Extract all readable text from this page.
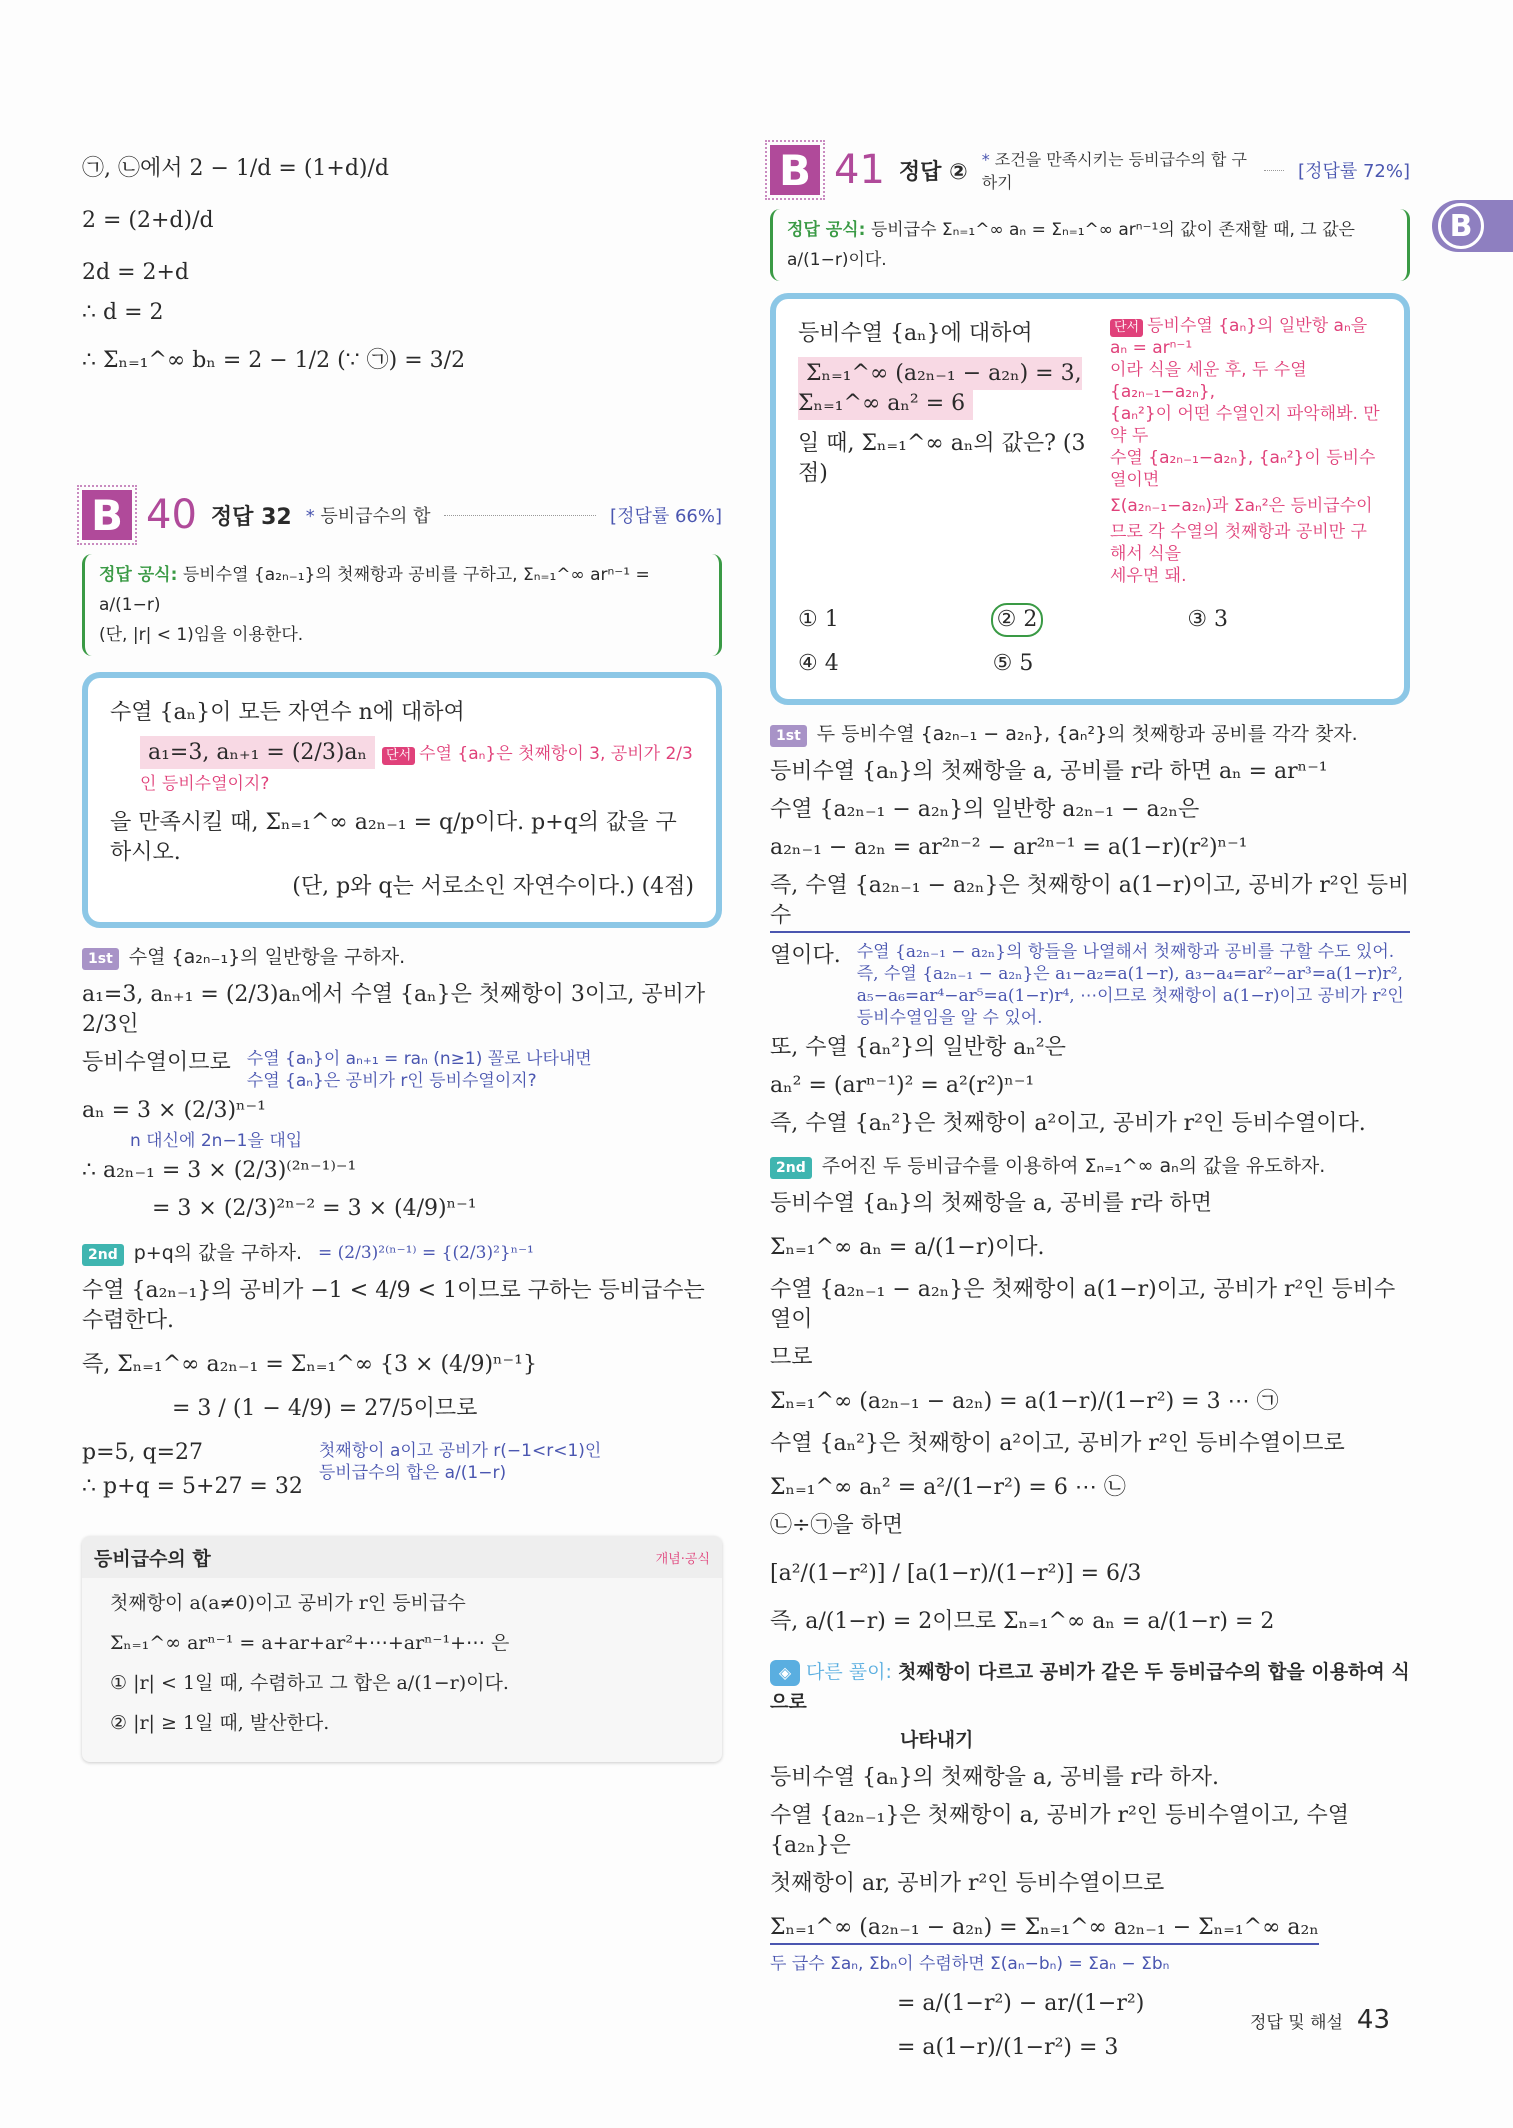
B
㉠, ㉡에서 2 − 1/d = (1+d)/d
2 = (2+d)/d
2d = 2+d
∴ d = 2
∴ Σₙ₌₁^∞ bₙ = 2 − 1/2 (∵ ㉠) = 3/2
B 40 정답 32	* 등비급수의 합	[정답률 66%]
정답 공식: 등비수열 {a₂ₙ₋₁}의 첫째항과 공비를 구하고, Σₙ₌₁^∞ arⁿ⁻¹ = a/(1−r)
(단, |r| < 1)임을 이용한다.
수열 {aₙ}이 모든 자연수 n에 대하여
a₁=3, aₙ₊₁ = (2/3)aₙ 단서 수열 {aₙ}은 첫째항이 3, 공비가 2/3인 등비수열이지?
을 만족시킬 때, Σₙ₌₁^∞ a₂ₙ₋₁ = q/p이다. p+q의 값을 구하시오.
(단, p와 q는 서로소인 자연수이다.) (4점)
1st 수열 {a₂ₙ₋₁}의 일반항을 구하자.
a₁=3, aₙ₊₁ = (2/3)aₙ에서 수열 {aₙ}은 첫째항이 3이고, 공비가 2/3인
등비수열이므로 수열 {aₙ}이 aₙ₊₁ = raₙ (n≥1) 꼴로 나타내면
수열 {aₙ}은 공비가 r인 등비수열이지?
aₙ = 3 × (2/3)ⁿ⁻¹
n 대신에 2n−1을 대입
∴ a₂ₙ₋₁ = 3 × (2/3)⁽²ⁿ⁻¹⁾⁻¹
= 3 × (2/3)²ⁿ⁻² = 3 × (4/9)ⁿ⁻¹
2nd p+q의 값을 구하자. = (2/3)²⁽ⁿ⁻¹⁾ = {(2/3)²}ⁿ⁻¹
수열 {a₂ₙ₋₁}의 공비가 −1 < 4/9 < 1이므로 구하는 등비급수는 수렴한다.
즉, Σₙ₌₁^∞ a₂ₙ₋₁ = Σₙ₌₁^∞ {3 × (4/9)ⁿ⁻¹}
= 3 / (1 − 4/9) = 27/5이므로
p=5, q=27
∴ p+q = 5+27 = 32
첫째항이 a이고 공비가 r(−1<r<1)인
등비급수의 합은 a/(1−r)
등비급수의 합	개념·공식
첫째항이 a(a≠0)이고 공비가 r인 등비급수
Σₙ₌₁^∞ arⁿ⁻¹ = a+ar+ar²+⋯+arⁿ⁻¹+⋯ 은
① |r| < 1일 때, 수렴하고 그 합은 a/(1−r)이다.
② |r| ≥ 1일 때, 발산한다.
B 41 정답 ②	* 조건을 만족시키는 등비급수의 합 구하기
[정답률 72%]
정답 공식: 등비급수 Σₙ₌₁^∞ aₙ = Σₙ₌₁^∞ arⁿ⁻¹의 값이 존재할 때, 그 값은 a/(1−r)이다.
등비수열 {aₙ}에 대하여
Σₙ₌₁^∞ (a₂ₙ₋₁ − a₂ₙ) = 3, Σₙ₌₁^∞ aₙ² = 6
일 때, Σₙ₌₁^∞ aₙ의 값은? (3점)
단서 등비수열 {aₙ}의 일반항 aₙ을 aₙ = arⁿ⁻¹
이라 식을 세운 후, 두 수열 {a₂ₙ₋₁−a₂ₙ},
{aₙ²}이 어떤 수열인지 파악해봐. 만약 두
수열 {a₂ₙ₋₁−a₂ₙ}, {aₙ²}이 등비수열이면
Σ(a₂ₙ₋₁−a₂ₙ)과 Σaₙ²은 등비급수이
므로 각 수열의 첫째항과 공비만 구해서 식을
세우면 돼.
① 1	② 2	③ 3
④ 4	⑤ 5
1st 두 등비수열 {a₂ₙ₋₁ − a₂ₙ}, {aₙ²}의 첫째항과 공비를 각각 찾자.
등비수열 {aₙ}의 첫째항을 a, 공비를 r라 하면 aₙ = arⁿ⁻¹
수열 {a₂ₙ₋₁ − a₂ₙ}의 일반항 a₂ₙ₋₁ − a₂ₙ은
a₂ₙ₋₁ − a₂ₙ = ar²ⁿ⁻² − ar²ⁿ⁻¹ = a(1−r)(r²)ⁿ⁻¹
즉, 수열 {a₂ₙ₋₁ − a₂ₙ}은 첫째항이 a(1−r)이고, 공비가 r²인 등비수
열이다. 수열 {a₂ₙ₋₁ − a₂ₙ}의 항들을 나열해서 첫째항과 공비를 구할 수도 있어.
즉, 수열 {a₂ₙ₋₁ − a₂ₙ}은 a₁−a₂=a(1−r), a₃−a₄=ar²−ar³=a(1−r)r²,
a₅−a₆=ar⁴−ar⁵=a(1−r)r⁴, ⋯이므로 첫째항이 a(1−r)이고 공비가 r²인
등비수열임을 알 수 있어.
또, 수열 {aₙ²}의 일반항 aₙ²은
aₙ² = (arⁿ⁻¹)² = a²(r²)ⁿ⁻¹
즉, 수열 {aₙ²}은 첫째항이 a²이고, 공비가 r²인 등비수열이다.
2nd 주어진 두 등비급수를 이용하여 Σₙ₌₁^∞ aₙ의 값을 유도하자.
등비수열 {aₙ}의 첫째항을 a, 공비를 r라 하면
Σₙ₌₁^∞ aₙ = a/(1−r)이다.
수열 {a₂ₙ₋₁ − a₂ₙ}은 첫째항이 a(1−r)이고, 공비가 r²인 등비수열이
므로
Σₙ₌₁^∞ (a₂ₙ₋₁ − a₂ₙ) = a(1−r)/(1−r²) = 3 ⋯ ㉠
수열 {aₙ²}은 첫째항이 a²이고, 공비가 r²인 등비수열이므로
Σₙ₌₁^∞ aₙ² = a²/(1−r²) = 6 ⋯ ㉡
㉡÷㉠을 하면
[a²/(1−r²)] / [a(1−r)/(1−r²)] = 6/3
즉, a/(1−r) = 2이므로 Σₙ₌₁^∞ aₙ = a/(1−r) = 2
◈ 다른 풀이: 첫째항이 다르고 공비가 같은 두 등비급수의 합을 이용하여 식으로
나타내기
등비수열 {aₙ}의 첫째항을 a, 공비를 r라 하자.
수열 {a₂ₙ₋₁}은 첫째항이 a, 공비가 r²인 등비수열이고, 수열 {a₂ₙ}은
첫째항이 ar, 공비가 r²인 등비수열이므로
Σₙ₌₁^∞ (a₂ₙ₋₁ − a₂ₙ) = Σₙ₌₁^∞ a₂ₙ₋₁ − Σₙ₌₁^∞ a₂ₙ
두 급수 Σaₙ, Σbₙ이 수렴하면 Σ(aₙ−bₙ) = Σaₙ − Σbₙ
= a/(1−r²) − ar/(1−r²)
= a(1−r)/(1−r²) = 3
정답 및 해설 43
